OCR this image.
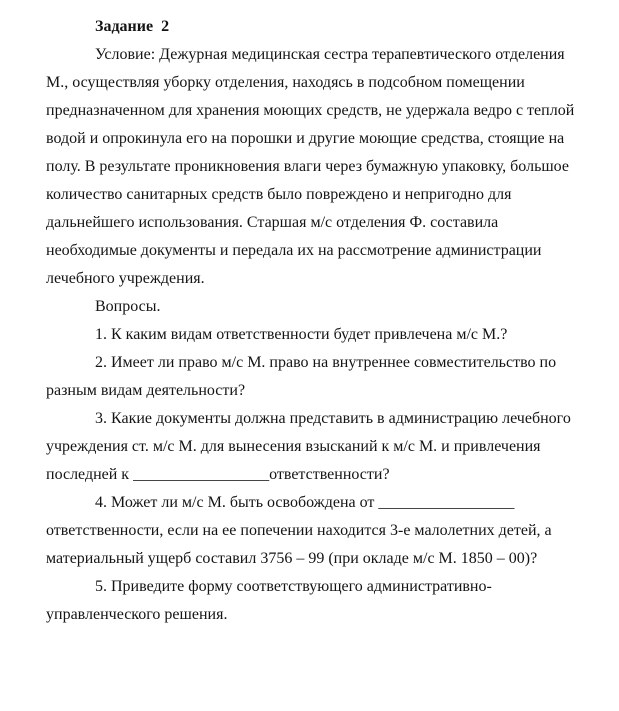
Задание  2
Условие: Дежурная медицинская сестра терапевтического отделения
М., осуществляя уборку отделения, находясь в подсобном помещении
предназначенном для хранения моющих средств, не удержала ведро с теплой
водой и опрокинула его на порошки и другие моющие средства, стоящие на
полу. В результате проникновения влаги через бумажную упаковку, большое
количество санитарных средств было повреждено и непригодно для
дальнейшего использования. Старшая м/с отделения Ф. составила
необходимые документы и передала их на рассмотрение администрации
лечебного учреждения.
Вопросы.
1. К каким видам ответственности будет привлечена м/с М.?
2. Имеет ли право м/с М. право на внутреннее совместительство по
разным видам деятельности?
3. Какие документы должна представить в администрацию лечебного
учреждения ст. м/с М. для вынесения взысканий к м/с М. и привлечения
последней к _________________ответственности?
4. Может ли м/с М. быть освобождена от _________________
ответственности, если на ее попечении находится 3-е малолетних детей, а
материальный ущерб составил 3756 – 99 (при окладе м/с М. 1850 – 00)?
5. Приведите форму соответствующего административно-
управленческого решения.
